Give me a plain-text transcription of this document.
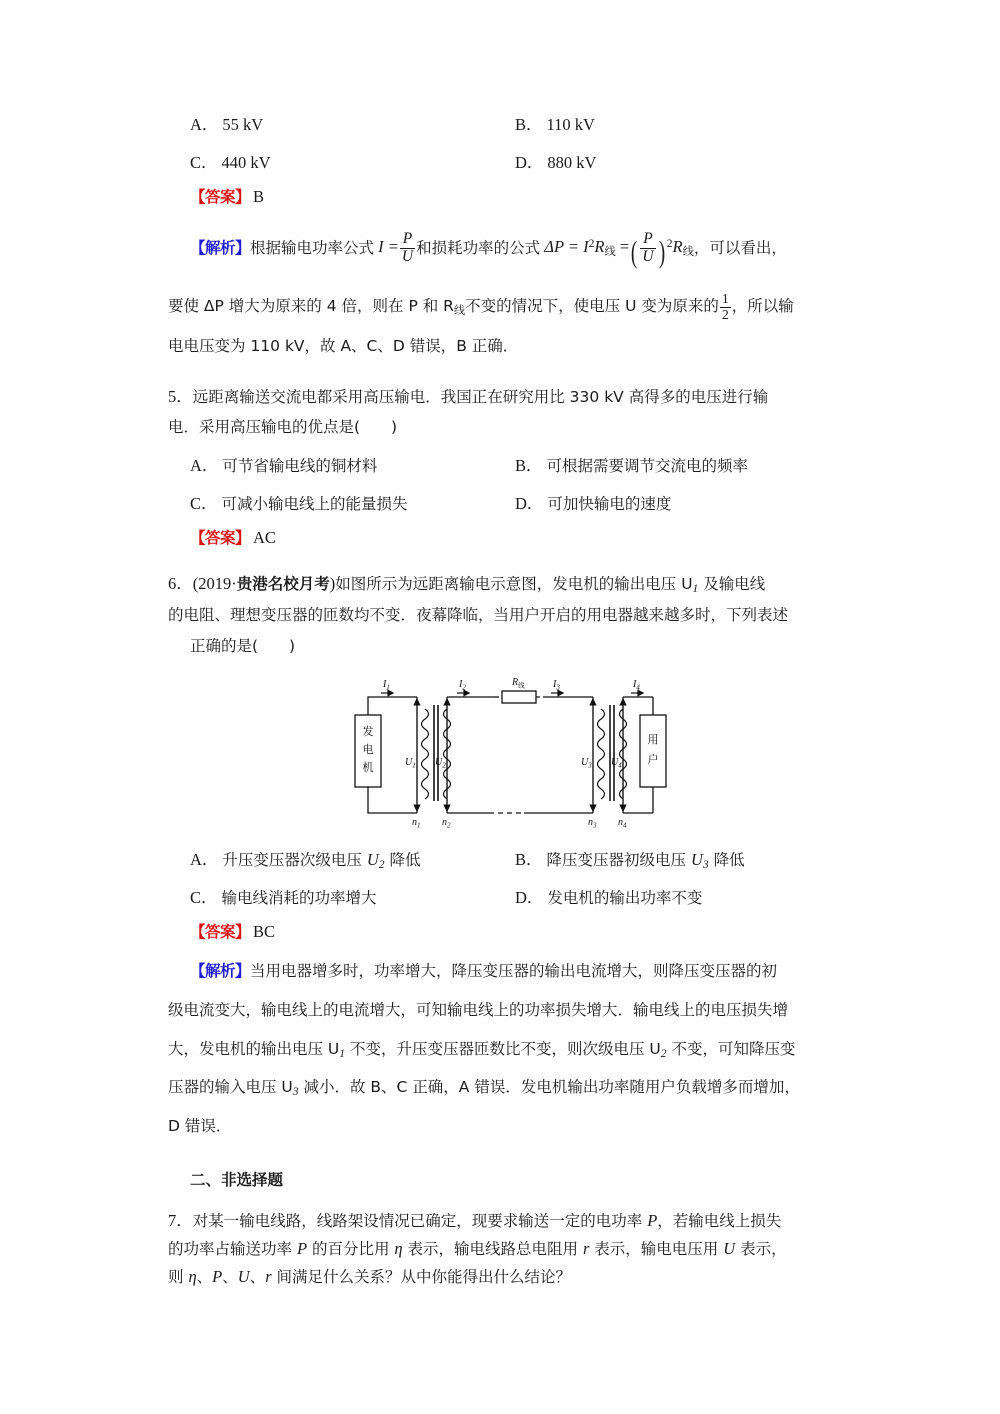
A． 55 kV	B． 110 kV
C． 440 kV	D． 880 kV
【答案】 B
【解析】根据输电功率公式 $I = \frac{P}{U}$ 和损耗功率的公式 $\Delta P = I^2R$线 =( $\frac{P}{U}$ ) $^2$R线，可以看出，
要使 ΔP 增大为原来的 4 倍，则在 P 和 R线不变的情况下，使电压 U 变为原来的 $\frac{1}{2}$ ，所以输
电电压变为 110 kV，故 A、C、D 错误，B 正确．
5．远距离输送交流电都采用高压输电．我国正在研究用比 330 kV 高得多的电压进行输
电．采用高压输电的优点是(　　)
A． 可节省输电线的铜材料	B． 可根据需要调节交流电的频率
C． 可减小输电线上的能量损失	D． 可加快输电的速度
【答案】 AC
6．(2019·贵港名校月考)如图所示为远距离输电示意图，发电机的输出电压 $U_1$ 及输电线
的电阻、理想变压器的匝数均不变．夜幕降临，当用户开启的用电器越来越多时，下列表述
正确的是(　　)
$I_1$	$I_2$	$I_3$	$I_4$
$R_线$
$U_1$ $U_2$	$U_3$ $U_4$
$n_1$ $n_2$	$n_3$ $n_4$
发
电
机
用
户
A． 升压变压器次级电压 $U_2$ 降低	B． 降压变压器初级电压 $U_3$ 降低
C． 输电线消耗的功率增大	D． 发电机的输出功率不变
【答案】 BC
【解析】当用电器增多时，功率增大，降压变压器的输出电流增大，则降压变压器的初
级电流变大，输电线上的电流增大，可知输电线上的功率损失增大．输电线上的电压损失增
大，发电机的输出电压 $U_1$ 不变，升压变压器匝数比不变，则次级电压 $U_2$ 不变，可知降压变
压器的输入电压 $U_3$ 减小．故 B、C 正确，A 错误．发电机输出功率随用户负载增多而增加，
D 错误．
二、非选择题
7．对某一输电线路，线路架设情况已确定，现要求输送一定的电功率 P，若输电线上损失
的功率占输送功率 P 的百分比用 η 表示，输电线路总电阻用 r 表示，输电电压用 U 表示，
则 η、P、U、r 间满足什么关系？从中你能得出什么结论？
